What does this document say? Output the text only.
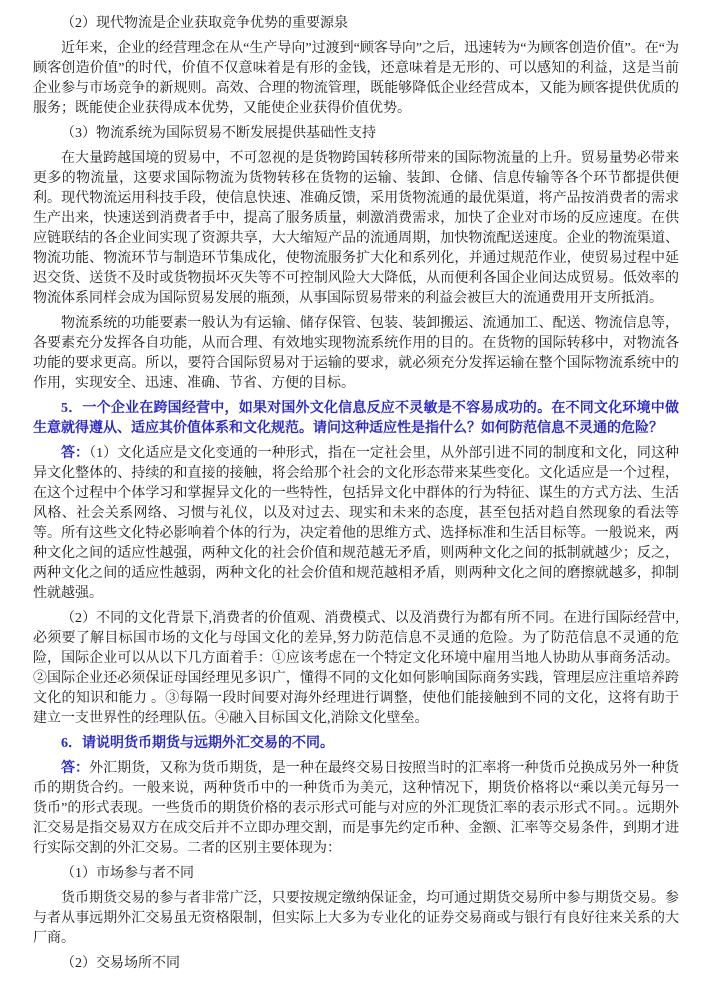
（2）现代物流是企业获取竞争优势的重要源泉

近年来，企业的经营理念在从“生产导向”过渡到“顾客导向”之后，迅速转为“为顾客创造价值”。在“为顾客创造价值”的时代，价值不仅意味着是有形的金钱，还意味着是无形的、可以感知的利益，这是当前企业参与市场竞争的新规则。高效、合理的物流管理，既能够降低企业经营成本，又能为顾客提供优质的服务；既能使企业获得成本优势，又能使企业获得价值优势。

（3）物流系统为国际贸易不断发展提供基础性支持

在大量跨越国境的贸易中，不可忽视的是货物跨国转移所带来的国际物流量的上升。贸易量势必带来更多的物流量，这要求国际物流为货物转移在货物的运输、装卸、仓储、信息传输等各个环节都提供便利。现代物流运用科技手段，使信息快速、准确反馈，采用货物流通的最优渠道，将产品按消费者的需求生产出来，快速送到消费者手中，提高了服务质量，刺激消费需求，加快了企业对市场的反应速度。在供应链联结的各企业间实现了资源共享，大大缩短产品的流通周期，加快物流配送速度。企业的物流渠道、物流功能、物流环节与制造环节集成化，使物流服务扩大化和系列化，并通过规范作业，使贸易过程中延迟交货、送货不及时或货物损坏灭失等不可控制风险大大降低，从而便利各国企业间达成贸易。低效率的物流体系同样会成为国际贸易发展的瓶颈，从事国际贸易带来的利益会被巨大的流通费用开支所抵消。

物流系统的功能要素一般认为有运输、储存保管、包装、装卸搬运、流通加工、配送、物流信息等，各要素充分发挥各自功能，从而合理、有效地实现物流系统作用的目的。在货物的国际转移中，对物流各功能的要求更高。所以，要符合国际贸易对于运输的要求，就必须充分发挥运输在整个国际物流系统中的作用，实现安全、迅速、准确、节省、方便的目标。

5．一个企业在跨国经营中，如果对国外文化信息反应不灵敏是不容易成功的。在不同文化环境中做生意就得遵从、适应其价值体系和文化规范。请问这种适应性是指什么？如何防范信息不灵通的危险？

答：（1）文化适应是文化变通的一种形式，指在一定社会里，从外部引进不同的制度和文化，同这种异文化整体的、持续的和直接的接触，将会给那个社会的文化形态带来某些变化。文化适应是一个过程，在这个过程中个体学习和掌握异文化的一些特性，包括异文化中群体的行为特征、谋生的方式方法、生活风格、社会关系网络、习惯与礼仪，以及对过去、现实和未来的态度，甚至包括对趋自然现象的看法等等。所有这些文化特必影响着个体的行为，决定着他的思维方式、选择标准和生活目标等。一般说来，两种文化之间的适应性越强，两种文化的社会价值和规范越无矛盾，则两种文化之间的抵制就越少；反之，两种文化之间的适应性越弱，两种文化的社会价值和规范越相矛盾，则两种文化之间的磨擦就越多，抑制性就越强。

（2）不同的文化背景下,消费者的价值观、消费模式、以及消费行为都有所不同。在进行国际经营中,必须要了解目标国市场的文化与母国文化的差异,努力防范信息不灵通的危险。为了防范信息不灵通的危险，国际企业可以从以下几方面着手：①应该考虑在一个特定文化环境中雇用当地人协助从事商务活动。②国际企业还必须保证母国经理见多识广，懂得不同的文化如何影响国际商务实践，管理层应注重培养跨文化的知识和能力 。③每隔一段时间要对海外经理进行调整，使他们能接触到不同的文化，这将有助于建立一支世界性的经理队伍。④融入目标国文化,消除文化壁垒。

6．请说明货币期货与远期外汇交易的不同。

答：外汇期货，又称为货币期货，是一种在最终交易日按照当时的汇率将一种货币兑换成另外一种货币的期货合约。一般来说，两种货币中的一种货币为美元，这种情况下，期货价格将以“乘以美元每另一货币”的形式表现。一些货币的期货价格的表示形式可能与对应的外汇现货汇率的表示形式不同。。远期外汇交易是指交易双方在成交后并不立即办理交割，而是事先约定币种、金额、汇率等交易条件，到期才进行实际交割的外汇交易。二者的区别主要体现为：

（1）市场参与者不同

货币期货交易的参与者非常广泛，只要按规定缴纳保证金，均可通过期货交易所中参与期货交易。参与者从事远期外汇交易虽无资格限制，但实际上大多为专业化的证券交易商或与银行有良好往来关系的大厂商。

（2）交易场所不同
